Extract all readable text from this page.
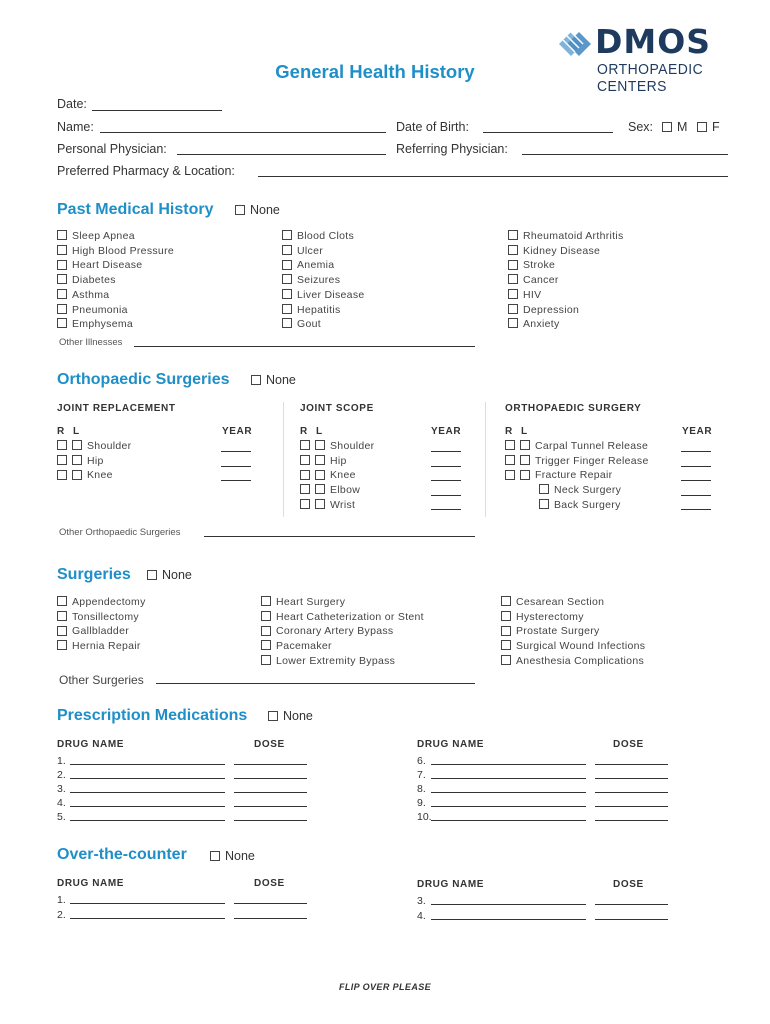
General Health History
DMOS
ORTHOPAEDIC CENTERS
Date:
Name:	Date of Birth:	Sex:	M	F
Personal Physician:	Referring Physician:
Preferred Pharmacy & Location:
Past Medical History	None
Sleep Apnea
High Blood Pressure
Heart Disease
Diabetes
Asthma
Pneumonia
Emphysema
Blood Clots
Ulcer
Anemia
Seizures
Liver Disease
Hepatitis
Gout
Rheumatoid Arthritis
Kidney Disease
Stroke
Cancer
HIV
Depression
Anxiety
Other Illnesses
Orthopaedic Surgeries	None
JOINT REPLACEMENT	JOINT SCOPE	ORTHOPAEDIC SURGERY
R L	YEAR
Shoulder
Hip
Knee
R L	YEAR
Shoulder
Hip
Knee
Elbow
Wrist
R L	YEAR
Carpal Tunnel Release
Trigger Finger Release
Fracture Repair
Neck Surgery
Back Surgery
Other Orthopaedic Surgeries
Surgeries	None
Appendectomy
Tonsillectomy
Gallbladder
Hernia Repair
Heart Surgery
Heart Catheterization or Stent
Coronary Artery Bypass
Pacemaker
Lower Extremity Bypass
Cesarean Section
Hysterectomy
Prostate Surgery
Surgical Wound Infections
Anesthesia Complications
Other Surgeries
Prescription Medications	None
DRUG NAME	DOSE	DRUG NAME	DOSE
1.
2.
3.
4.
5.
6.
7.
8.
9.
10.
Over-the-counter	None
DRUG NAME	DOSE	DRUG NAME	DOSE
1.
2.
3.
4.
FLIP OVER PLEASE
